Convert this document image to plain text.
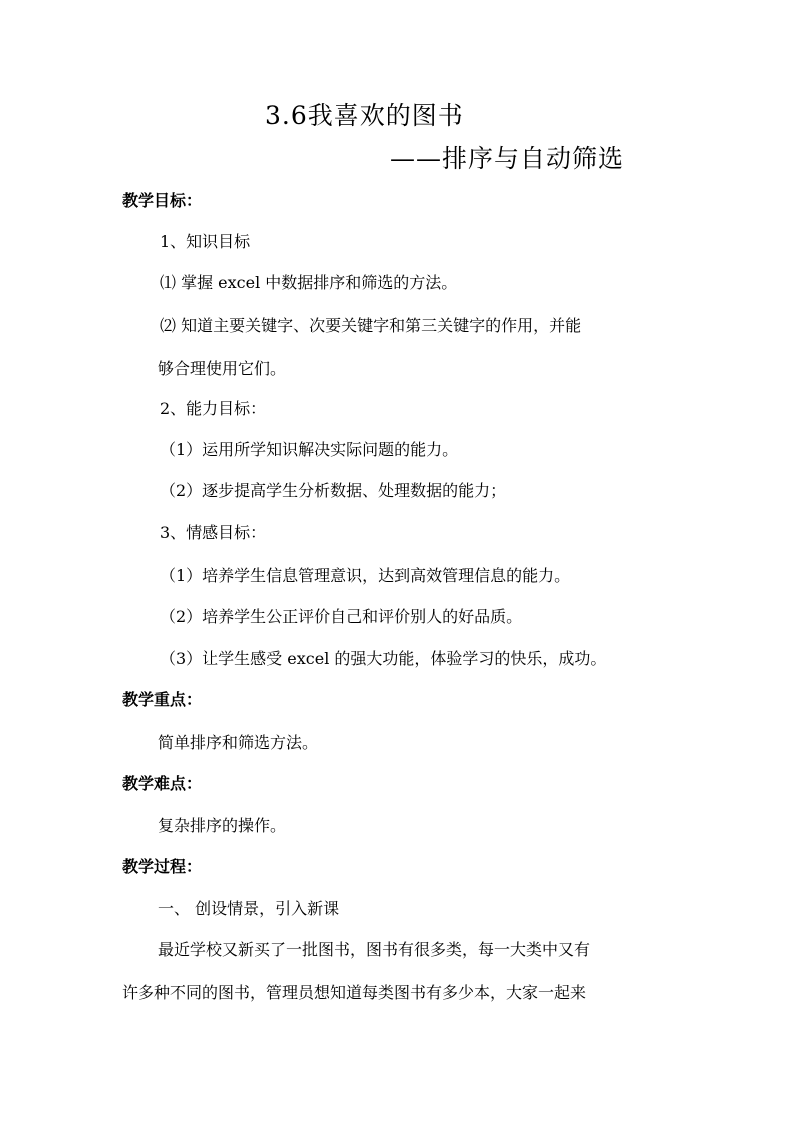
3.6我喜欢的图书
——排序与自动筛选
教学目标：
1、知识目标
⑴ 掌握 excel 中数据排序和筛选的方法。
⑵ 知道主要关键字、次要关键字和第三关键字的作用，并能
够合理使用它们。
2、能力目标：
（1）运用所学知识解决实际问题的能力。
（2）逐步提高学生分析数据、处理数据的能力；
3、情感目标：
（1）培养学生信息管理意识，达到高效管理信息的能力。
（2）培养学生公正评价自己和评价别人的好品质。
（3）让学生感受 excel 的强大功能，体验学习的快乐，成功。
教学重点：
简单排序和筛选方法。
教学难点：
复杂排序的操作。
教学过程：
一、 创设情景，引入新课
最近学校又新买了一批图书，图书有很多类，每一大类中又有
许多种不同的图书，管理员想知道每类图书有多少本，大家一起来
